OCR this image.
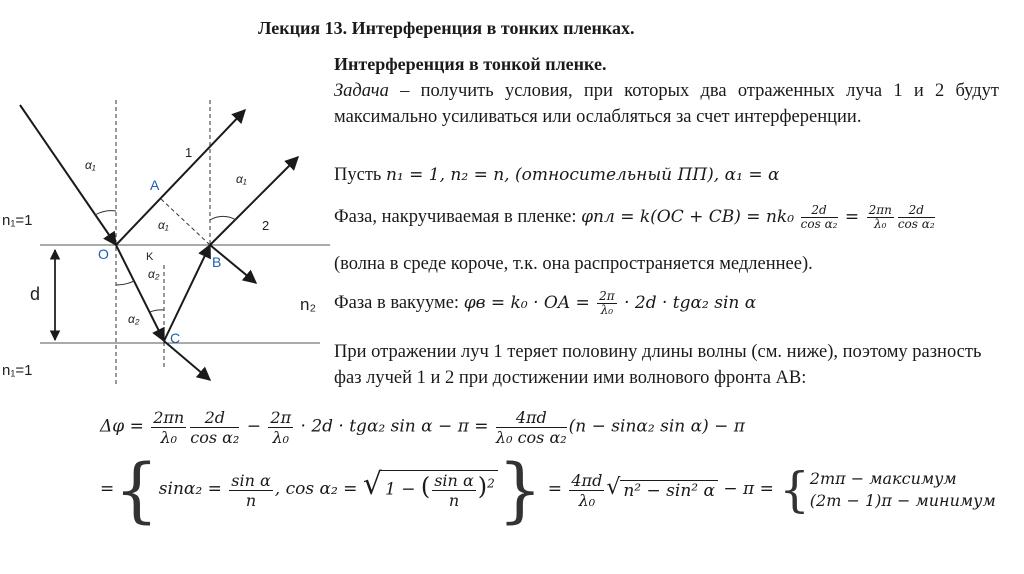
Лекция 13. Интерференция в тонких пленках.
Интерференция в тонкой пленке.
Задача – получить условия, при которых два отраженных луча 1 и 2 будут максимально усиливаться или ослабляться за счет интерференции.
Пусть n₁ = 1, n₂ = n, (относительный ПП), α₁ = α
Фаза, накручиваемая в пленке: $\varphi пл = k(OC + CB) = nk_0 \frac{2d}{\text{cos α₂}} = \frac{2\pi n}{\text{λ₀}} \frac{2d}{\text{cos α₂}}$
(волна в среде короче, т.к. она распространяется медленнее).
Фаза в вакууме: φв = k₀ · OA = $\frac{2\pi}{\text{λ₀}} \cdot 2d \cdot tg\alpha_2$ sin α
При отражении луч 1 теряет половину длины волны (см. ниже), поэтому разность фаз лучей 1 и 2 при достижении ими волнового фронта AB:
$\Delta\varphi = \frac{2\pi n}{\text{λ₀}} \frac{2d}{\text{cos α₂}} - \frac{2\pi}{\text{λ₀}} \cdot 2d \cdot tg\alpha_2$ $\sin \alpha - \pi = \frac{4\pi d}{\text{λ₀ cos α₂}} (n - \sin\alpha_2$ sin α) − π
$=\{\sin\alpha_2 = \frac{\text{sin α}}{n}$ , cos α₂ = √ 1 − ( $\frac{\text{sin α}}{n} )^2\} = \frac{4\pi d}{\text{λ₀}}$ √ n² − sin² α − π = { 2mπ − максимум
(2m − 1)π − минимум
n₁=1
n₁=1
n₂
d
O
A
B
C
K
1
2
α₁
α₁
α₁
α₂
α₂
